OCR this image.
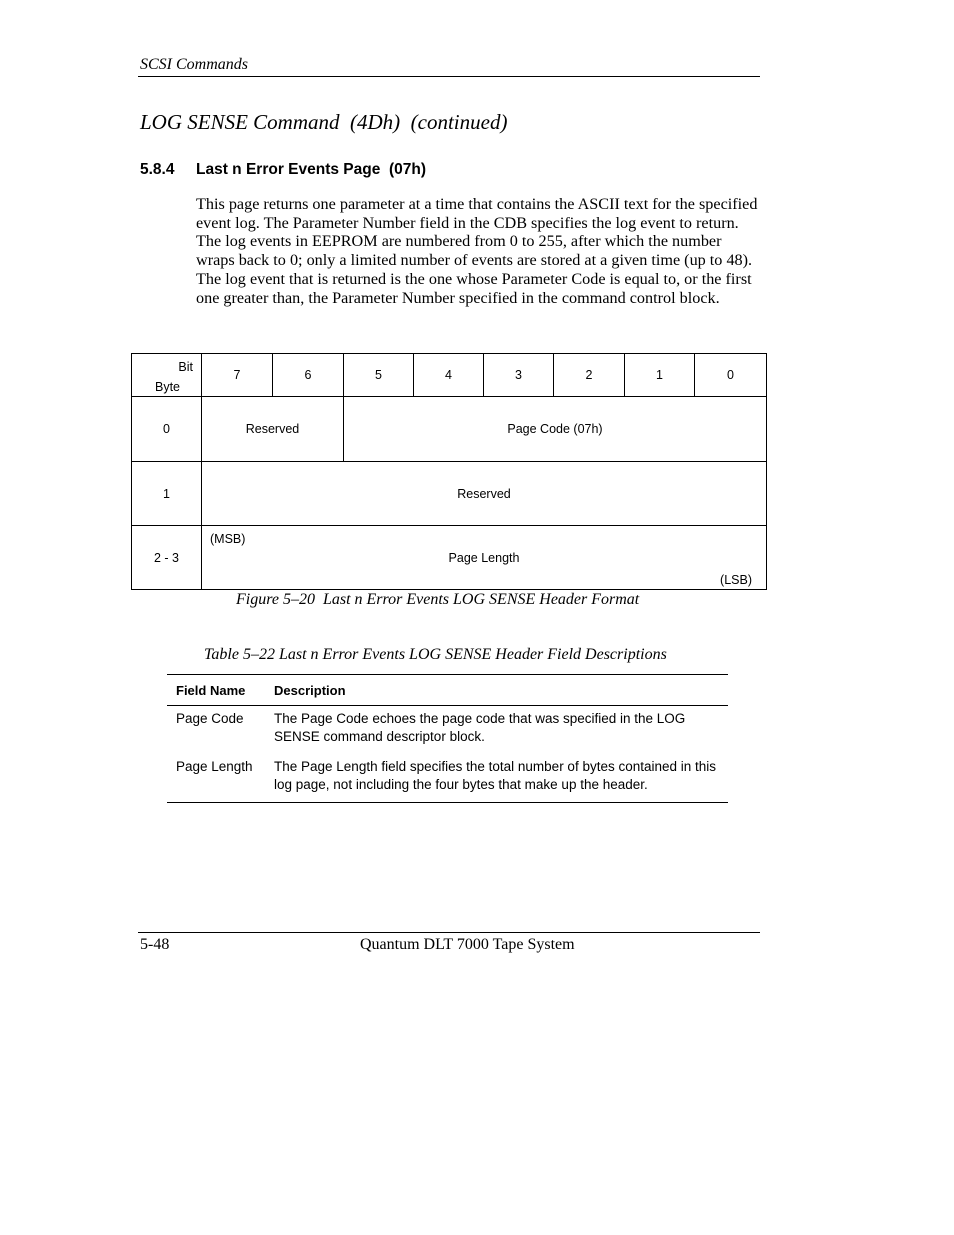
SCSI Commands
LOG SENSE Command  (4Dh)  (continued)
5.8.4 Last n Error Events Page  (07h)
This page returns one parameter at a time that contains the ASCII text for the specified event log. The Parameter Number field in the CDB specifies the log event to return. The log events in EEPROM are numbered from 0 to 255, after which the number wraps back to 0; only a limited number of events are stored at a given time (up to 48). The log event that is returned is the one whose Parameter Code is equal to, or the first one greater than, the Parameter Number specified in the command control block.
Bit
Byte	7	6	5	4	3	2	1	0
0	Reserved		Page Code (07h)					
1	Reserved							
2 - 3	(MSB)
Page Length
(LSB)							
Figure 5–20  Last n Error Events LOG SENSE Header Format
Table 5–22 Last n Error Events LOG SENSE Header Field Descriptions
Field Name	Description
Page Code	The Page Code echoes the page code that was specified in the LOG SENSE command descriptor block.
Page Length	The Page Length field specifies the total number of bytes contained in this log page, not including the four bytes that make up the header.
5-48	Quantum DLT 7000 Tape System
